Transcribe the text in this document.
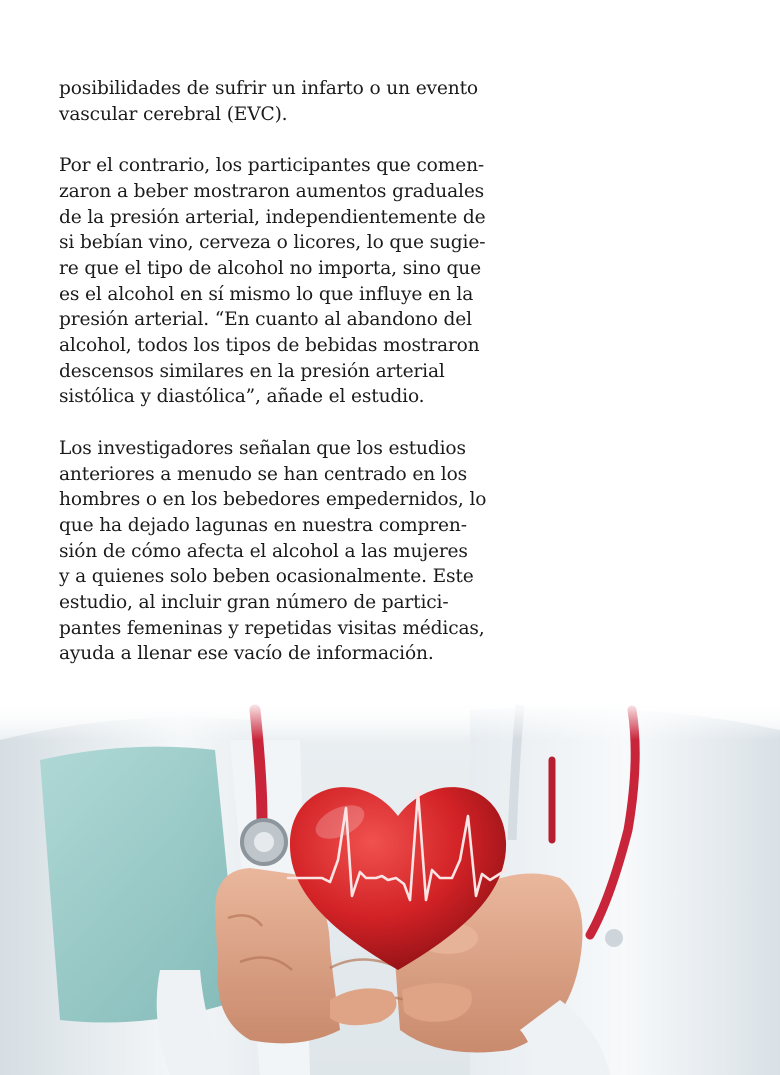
posibilidades de sufrir un infarto o un evento
vascular cerebral (EVC).

Por el contrario, los participantes que comen-
zaron a beber mostraron aumentos graduales
de la presión arterial, independientemente de
si bebían vino, cerveza o licores, lo que sugie-
re que el tipo de alcohol no importa, sino que
es el alcohol en sí mismo lo que influye en la
presión arterial. “En cuanto al abandono del
alcohol, todos los tipos de bebidas mostraron
descensos similares en la presión arterial
sistólica y diastólica”, añade el estudio.

Los investigadores señalan que los estudios
anteriores a menudo se han centrado en los
hombres o en los bebedores empedernidos, lo
que ha dejado lagunas en nuestra compren-
sión de cómo afecta el alcohol a las mujeres
y a quienes solo beben ocasionalmente. Este
estudio, al incluir gran número de partici-
pantes femeninas y repetidas visitas médicas,
ayuda a llenar ese vacío de información.
